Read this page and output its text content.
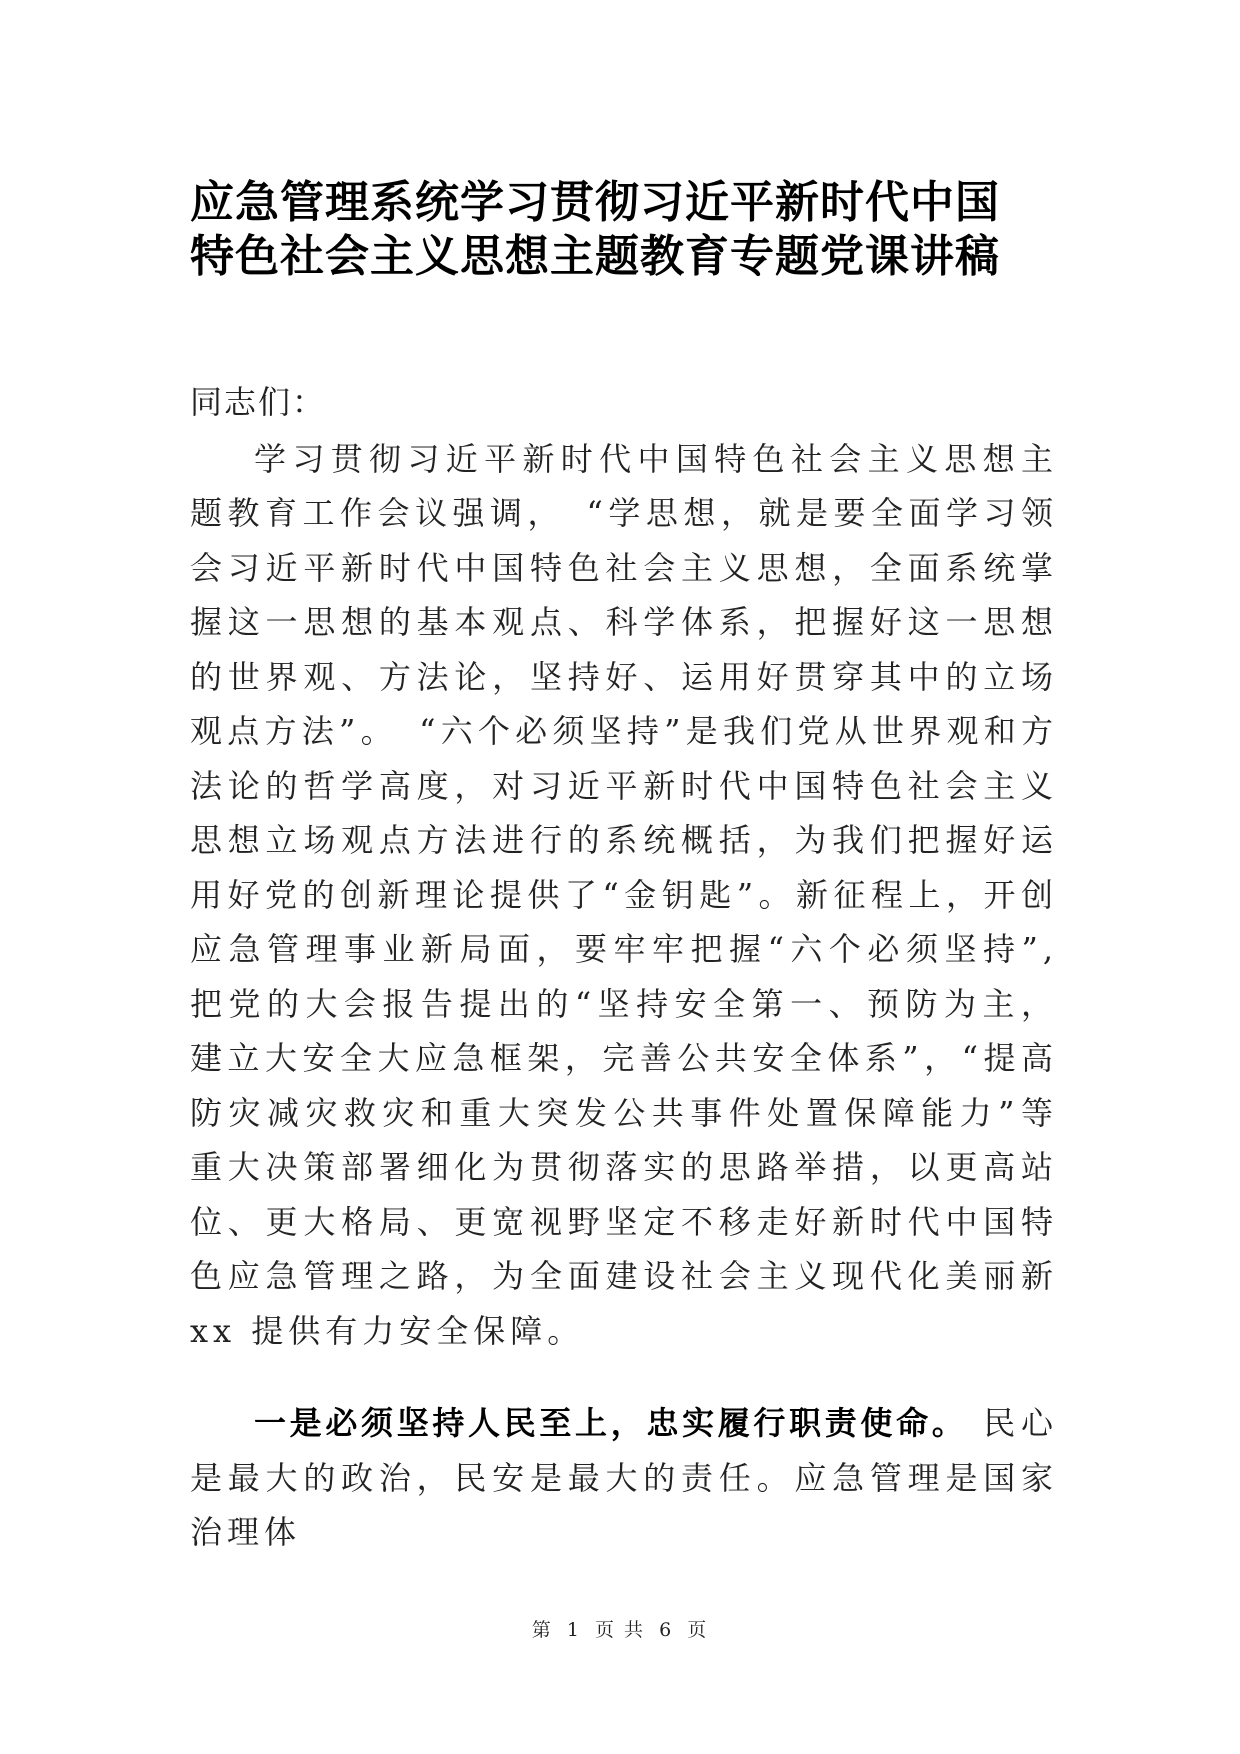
应急管理系统学习贯彻习近平新时代中国
特色社会主义思想主题教育专题党课讲稿

同志们：

学习贯彻习近平新时代中国特色社会主义思想主题教育工作会议强调，　“学思想，就是要全面学习领会习近平新时代中国特色社会主义思想，全面系统掌握这一思想的基本观点、科学体系，把握好这一思想的世界观、方法论，坚持好、运用好贯穿其中的立场观点方法”。　“六个必须坚持”是我们党从世界观和方法论的哲学高度，对习近平新时代中国特色社会主义思想立场观点方法进行的系统概括，为我们把握好运用好党的创新理论提供了“金钥匙”。新征程上，开创应急管理事业新局面，要牢牢把握“六个必须坚持”,把党的大会报告提出的“坚持安全第一、预防为主，建立大安全大应急框架，完善公共安全体系”，“提高防灾减灾救灾和重大突发公共事件处置保障能力”等重大决策部署细化为贯彻落实的思路举措，以更高站位、更大格局、更宽视野坚定不移走好新时代中国特色应急管理之路，为全面建设社会主义现代化美丽新 xx 提供有力安全保障。

一是必须坚持人民至上，忠实履行职责使命。 民心是最大的政治，民安是最大的责任。应急管理是国家治理体

第 1 页 共 6 页
